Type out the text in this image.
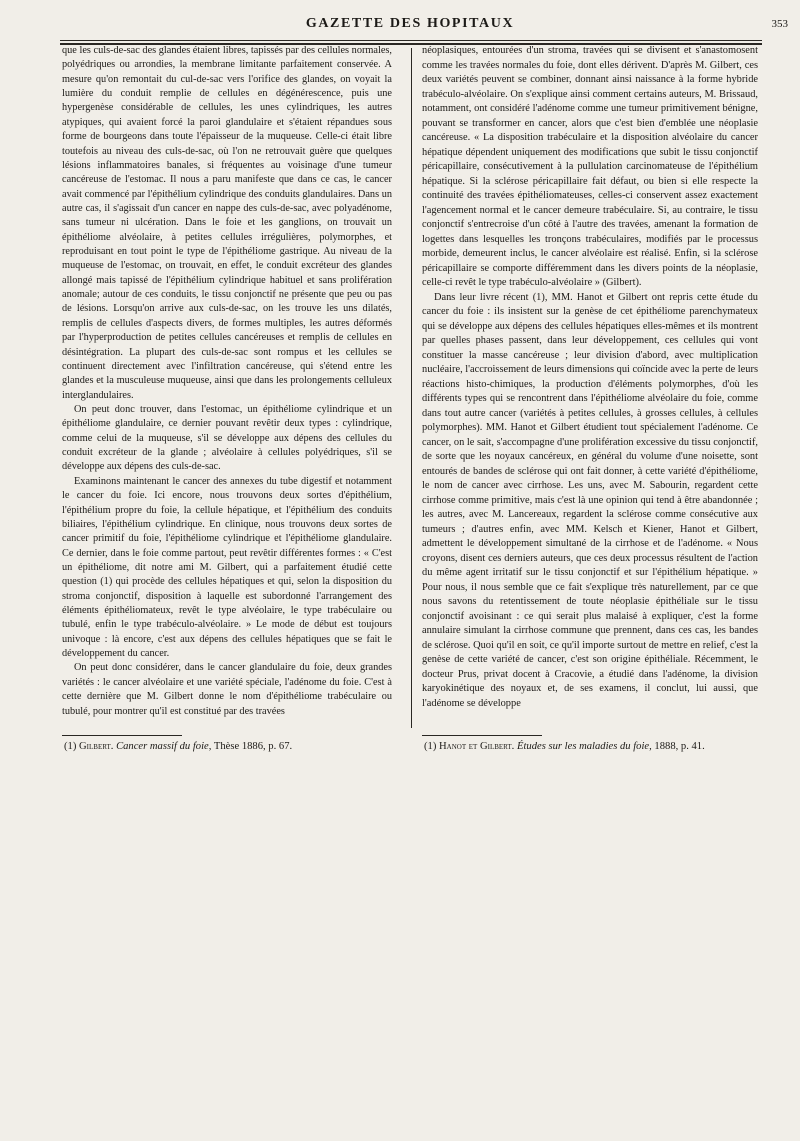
GAZETTE DES HOPITAUX	353

que les culs-de-sac des glandes étaient libres, tapissés par des cellules normales, polyédriques ou arrondies, la membrane limitante parfaitement conservée. A mesure qu'on remontait du cul-de-sac vers l'orifice des glandes, on voyait la lumière du conduit remplie de cellules en dégénérescence, puis une hypergenèse considérable de cellules, les unes cylindriques, les autres atypiques, qui avaient forcé la paroi glandulaire et s'étaient répandues sous forme de bourgeons dans toute l'épaisseur de la muqueuse. Celle-ci était libre toutefois au niveau des culs-de-sac, où l'on ne retrouvait guère que quelques lésions inflammatoires banales, si fréquentes au voisinage d'une tumeur cancéreuse de l'estomac. Il nous a paru manifeste que dans ce cas, le cancer avait commencé par l'épithélium cylindrique des conduits glandulaires. Dans un autre cas, il s'agissait d'un cancer en nappe des culs-de-sac, avec polyadénome, sans tumeur ni ulcération. Dans le foie et les ganglions, on trouvait un épithéliome alvéolaire, à petites cellules irrégulières, polymorphes, et reproduisant en tout point le type de l'épithéliome gastrique. Au niveau de la muqueuse de l'estomac, on trouvait, en effet, le conduit excréteur des glandes allongé mais tapissé de l'épithélium cylindrique habituel et sans prolifération anomale; autour de ces conduits, le tissu conjonctif ne présente que peu ou pas de lésions. Lorsqu'on arrive aux culs-de-sac, on les trouve les uns dilatés, remplis de cellules d'aspects divers, de formes multiples, les autres déformés par l'hyperproduction de petites cellules cancéreuses et remplis de cellules en désintégration. La plupart des culs-de-sac sont rompus et les cellules se continuent directement avec l'infiltration cancéreuse, qui s'étend entre les glandes et la musculeuse muqueuse, ainsi que dans les prolongements celluleux interglandulaires.

On peut donc trouver, dans l'estomac, un épithéliome cylindrique et un épithéliome glandulaire, ce dernier pouvant revêtir deux types : cylindrique, comme celui de la muqueuse, s'il se développe aux dépens des cellules du conduit excréteur de la glande ; alvéolaire à cellules polyédriques, s'il se développe aux dépens des culs-de-sac.

Examinons maintenant le cancer des annexes du tube digestif et notamment le cancer du foie. Ici encore, nous trouvons deux sortes d'épithélium, l'épithélium propre du foie, la cellule hépatique, et l'épithélium des conduits biliaires, l'épithélium cylindrique. En clinique, nous trouvons deux sortes de cancer primitif du foie, l'épithéliome cylindrique et l'épithéliome glandulaire. Ce dernier, dans le foie comme partout, peut revêtir différentes formes : « C'est un épithéliome, dit notre ami M. Gilbert, qui a parfaitement étudié cette question (1) qui procède des cellules hépatiques et qui, selon la disposition du stroma conjonctif, disposition à laquelle est subordonné l'arrangement des éléments épithéliomateux, revêt le type alvéolaire, le type trabéculaire ou tubulé, enfin le type trabéculo-alvéolaire. » Le mode de début est toujours univoque : là encore, c'est aux dépens des cellules hépatiques que se fait le développement du cancer.

On peut donc considérer, dans le cancer glandulaire du foie, deux grandes variétés : le cancer alvéolaire et une variété spéciale, l'adénome du foie. C'est à cette dernière que M. Gilbert donne le nom d'épithéliome trabéculaire ou tubulé, pour montrer qu'il est constitué par des travées

néoplasiques, entourées d'un stroma, travées qui se divisent et s'anastomosent comme les travées normales du foie, dont elles dérivent. D'après M. Gilbert, ces deux variétés peuvent se combiner, donnant ainsi naissance à la forme hybride trabéculo-alvéolaire. On s'explique ainsi comment certains auteurs, M. Brissaud, notamment, ont considéré l'adénome comme une tumeur primitivement bénigne, pouvant se transformer en cancer, alors que c'est bien d'emblée une néoplasie cancéreuse. « La disposition trabéculaire et la disposition alvéolaire du cancer hépatique dépendent uniquement des modifications que subit le tissu conjonctif péricapillaire, consécutivement à la pullulation carcinomateuse de l'épithélium hépatique. Si la sclérose péricapillaire fait défaut, ou bien si elle respecte la continuité des travées épithéliomateuses, celles-ci conservent assez exactement l'agencement normal et le cancer demeure trabéculaire. Si, au contraire, le tissu conjonctif s'entrecroise d'un côté à l'autre des travées, amenant la formation de logettes dans lesquelles les tronçons trabéculaires, modifiés par le processus morbide, demeurent inclus, le cancer alvéolaire est réalisé. Enfin, si la sclérose péricapillaire se comporte différemment dans les divers points de la néoplasie, celle-ci revêt le type trabéculo-alvéolaire » (Gilbert).

Dans leur livre récent (1), MM. Hanot et Gilbert ont repris cette étude du cancer du foie : ils insistent sur la genèse de cet épithéliome parenchymateux qui se développe aux dépens des cellules hépatiques elles-mêmes et ils montrent par quelles phases passent, dans leur développement, ces cellules qui vont constituer la masse cancéreuse ; leur division d'abord, avec multiplication nucléaire, l'accroissement de leurs dimensions qui coïncide avec la perte de leurs réactions histo-chimiques, la production d'éléments polymorphes, d'où les différents types qui se rencontrent dans l'épithéliome alvéolaire du foie, comme dans tout autre cancer (variétés à petites cellules, à grosses cellules, à cellules polymorphes). MM. Hanot et Gilbert étudient tout spécialement l'adénome. Ce cancer, on le sait, s'accompagne d'une prolifération excessive du tissu conjonctif, de sorte que les noyaux cancéreux, en général du volume d'une noisette, sont entourés de bandes de sclérose qui ont fait donner, à cette variété d'épithéliome, le nom de cancer avec cirrhose. Les uns, avec M. Sabourin, regardent cette cirrhose comme primitive, mais c'est là une opinion qui tend à être abandonnée ; les autres, avec M. Lancereaux, regardent la sclérose comme consécutive aux tumeurs ; d'autres enfin, avec MM. Kelsch et Kiener, Hanot et Gilbert, admettent le développement simultané de la cirrhose et de l'adénome. « Nous croyons, disent ces derniers auteurs, que ces deux processus résultent de l'action du même agent irritatif sur le tissu conjonctif et sur l'épithélium hépatique. » Pour nous, il nous semble que ce fait s'explique très naturellement, par ce que nous savons du retentissement de toute néoplasie épithéliale sur le tissu conjonctif avoisinant : ce qui serait plus malaisé à expliquer, c'est la forme annulaire simulant la cirrhose commune que prennent, dans ces cas, les bandes de sclérose. Quoi qu'il en soit, ce qu'il importe surtout de mettre en relief, c'est la genèse de cette variété de cancer, c'est son origine épithéliale. Récemment, le docteur Prus, privat docent à Cracovie, a étudié dans l'adénome, la division karyokinétique des noyaux et, de ses examens, il conclut, lui aussi, que l'adénome se développe

(1) Gilbert. Cancer massif du foie, Thèse 1886, p. 67.	(1) Hanot et Gilbert. Études sur les maladies du foie, 1888, p. 41.
